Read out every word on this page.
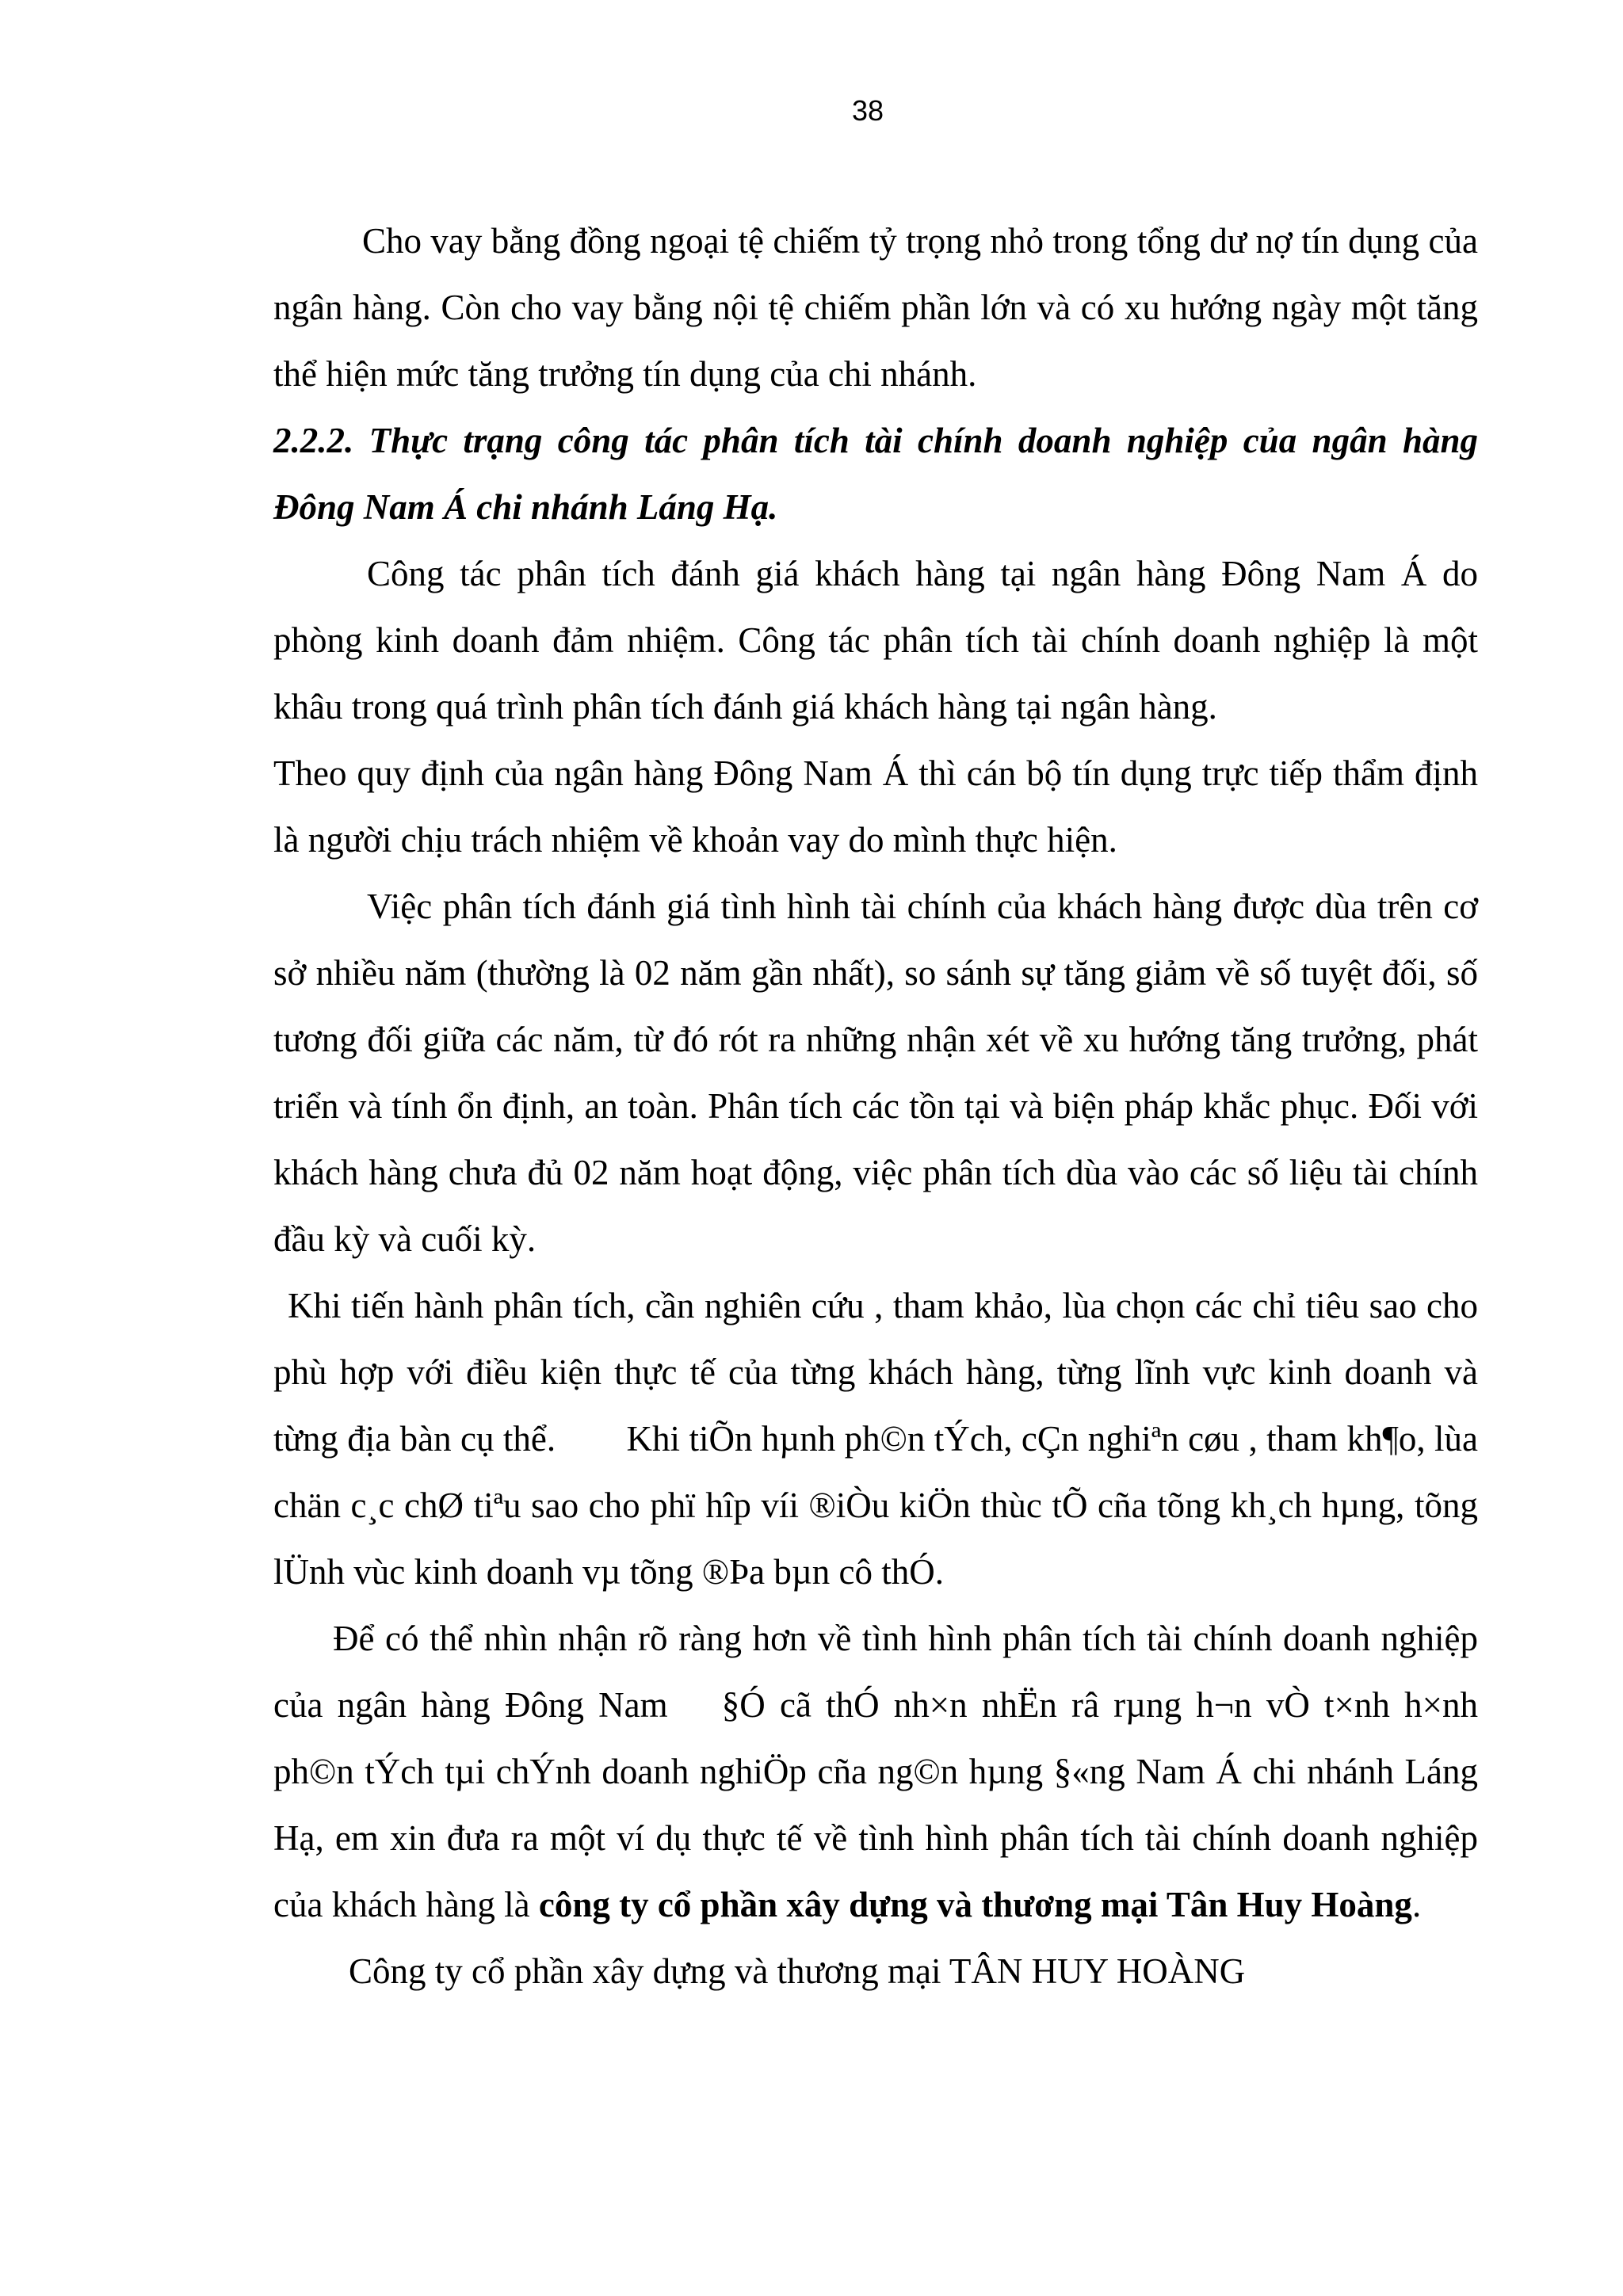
38

Cho vay bằng đồng ngoại tệ chiếm tỷ trọng nhỏ trong tổng dư nợ tín dụng của ngân hàng. Còn cho vay bằng nội tệ chiếm phần lớn và có xu hướng ngày một tăng thể hiện mức tăng trưởng tín dụng của chi nhánh.

2.2.2. Thực trạng công tác phân tích tài chính doanh nghiệp của ngân hàng Đông Nam Á chi nhánh Láng Hạ.

Công tác phân tích đánh giá khách hàng tại ngân hàng Đông Nam Á do phòng kinh doanh đảm nhiệm. Công tác phân tích tài chính doanh nghiệp là một khâu trong quá trình phân tích đánh giá khách hàng tại ngân hàng.

Theo quy định của ngân hàng Đông Nam Á thì cán bộ tín dụng trực tiếp thẩm định là người chịu trách nhiệm về khoản vay do mình thực hiện.

Việc phân tích đánh giá tình hình tài chính của khách hàng được dùa trên cơ sở nhiều năm (thường là 02 năm gần nhất), so sánh sự tăng giảm về số tuyệt đối, số tương đối giữa các năm, từ đó rót ra những nhận xét về xu hướng tăng trưởng, phát triển và tính ổn định, an toàn. Phân tích các tồn tại và biện pháp khắc phục. Đối với khách hàng chưa đủ 02 năm hoạt động, việc phân tích dùa vào các số liệu tài chính đầu kỳ và cuối kỳ.

Khi tiến hành phân tích, cần nghiên cứu , tham khảo, lùa chọn các chỉ tiêu sao cho phù hợp với điều kiện thực tế của từng khách hàng, từng lĩnh vực kinh doanh và từng địa bàn cụ thể. Khi tiÕn hµnh ph©n tÝch, cÇn nghiªn cøu , tham kh¶o, lùa chän c¸c chØ tiªu sao cho phï hîp víi ®iÒu kiÖn thùc tÕ cña tõng kh¸ch hµng, tõng lÜnh vùc kinh doanh vµ tõng ®Þa bµn cô thÓ.

Để có thể nhìn nhận rõ ràng hơn về tình hình phân tích tài chính doanh nghiệp của ngân hàng Đông Nam §Ó cã thÓ nh×n nhËn râ rµng h¬n vÒ t×nh h×nh ph©n tÝch tµi chÝnh doanh nghiÖp cña ng©n hµng §«ng Nam Á chi nhánh Láng Hạ, em xin đưa ra một ví dụ thực tế về tình hình phân tích tài chính doanh nghiệp của khách hàng là công ty cổ phần xây dựng và thương mại Tân Huy Hoàng.

Công ty cổ phần xây dựng và thương mại TÂN HUY HOÀNG
